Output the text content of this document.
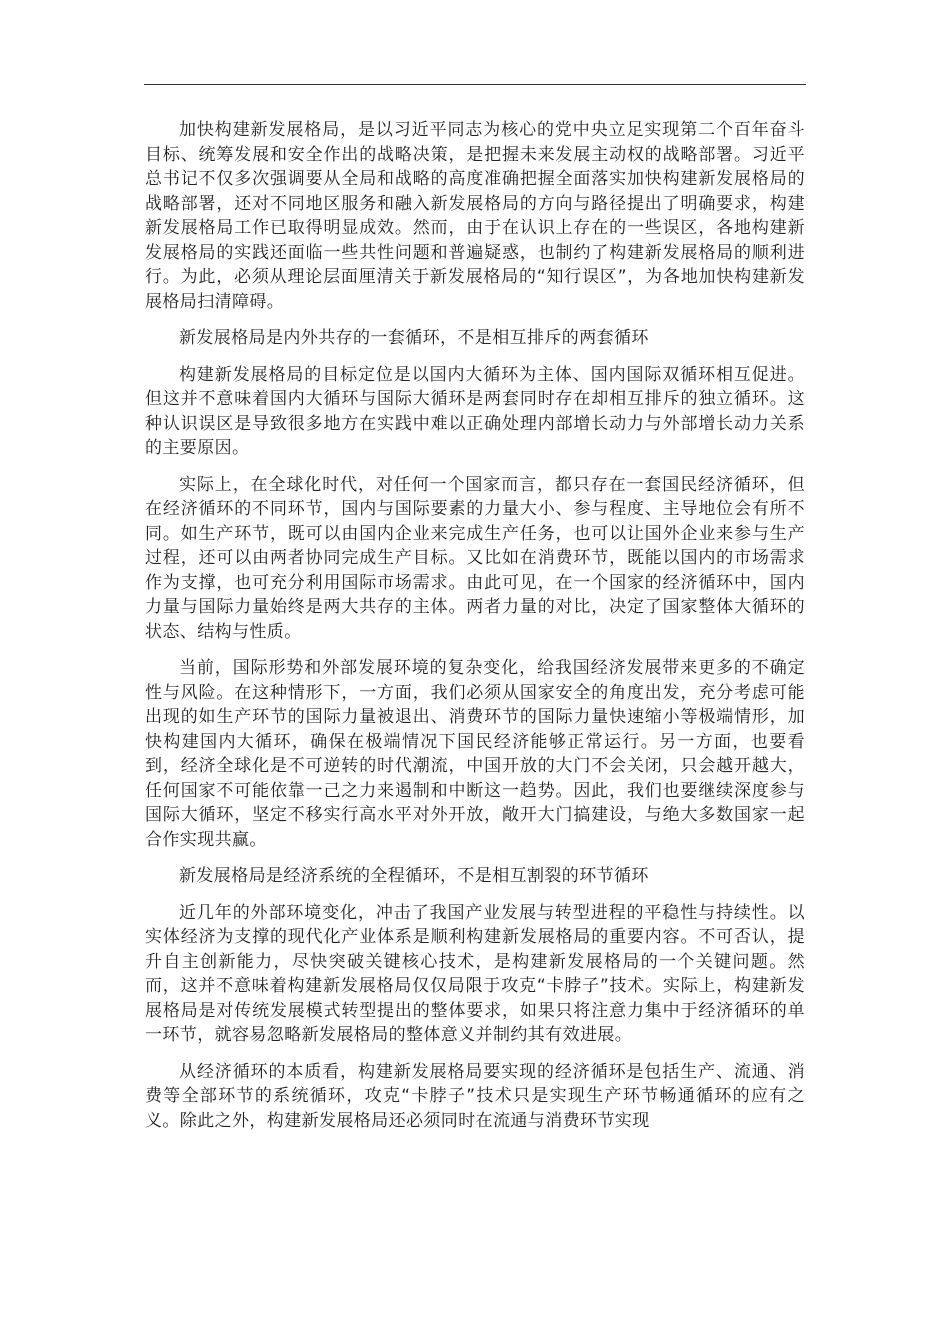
加快构建新发展格局，是以习近平同志为核心的党中央立足实现第二个百年奋斗目标、统筹发展和安全作出的战略决策，是把握未来发展主动权的战略部署。习近平总书记不仅多次强调要从全局和战略的高度准确把握全面落实加快构建新发展格局的战略部署，还对不同地区服务和融入新发展格局的方向与路径提出了明确要求，构建新发展格局工作已取得明显成效。然而，由于在认识上存在的一些误区，各地构建新发展格局的实践还面临一些共性问题和普遍疑惑，也制约了构建新发展格局的顺利进行。为此，必须从理论层面厘清关于新发展格局的“知行误区”，为各地加快构建新发展格局扫清障碍。

新发展格局是内外共存的一套循环，不是相互排斥的两套循环

构建新发展格局的目标定位是以国内大循环为主体、国内国际双循环相互促进。但这并不意味着国内大循环与国际大循环是两套同时存在却相互排斥的独立循环。这种认识误区是导致很多地方在实践中难以正确处理内部增长动力与外部增长动力关系的主要原因。

实际上，在全球化时代，对任何一个国家而言，都只存在一套国民经济循环，但在经济循环的不同环节，国内与国际要素的力量大小、参与程度、主导地位会有所不同。如生产环节，既可以由国内企业来完成生产任务，也可以让国外企业来参与生产过程，还可以由两者协同完成生产目标。又比如在消费环节，既能以国内的市场需求作为支撑，也可充分利用国际市场需求。由此可见，在一个国家的经济循环中，国内力量与国际力量始终是两大共存的主体。两者力量的对比，决定了国家整体大循环的状态、结构与性质。

当前，国际形势和外部发展环境的复杂变化，给我国经济发展带来更多的不确定性与风险。在这种情形下，一方面，我们必须从国家安全的角度出发，充分考虑可能出现的如生产环节的国际力量被退出、消费环节的国际力量快速缩小等极端情形，加快构建国内大循环，确保在极端情况下国民经济能够正常运行。另一方面，也要看到，经济全球化是不可逆转的时代潮流，中国开放的大门不会关闭，只会越开越大，任何国家不可能依靠一己之力来遏制和中断这一趋势。因此，我们也要继续深度参与国际大循环，坚定不移实行高水平对外开放，敞开大门搞建设，与绝大多数国家一起合作实现共赢。

新发展格局是经济系统的全程循环，不是相互割裂的环节循环

近几年的外部环境变化，冲击了我国产业发展与转型进程的平稳性与持续性。以实体经济为支撑的现代化产业体系是顺利构建新发展格局的重要内容。不可否认，提升自主创新能力，尽快突破关键核心技术，是构建新发展格局的一个关键问题。然而，这并不意味着构建新发展格局仅仅局限于攻克“卡脖子”技术。实际上，构建新发展格局是对传统发展模式转型提出的整体要求，如果只将注意力集中于经济循环的单一环节，就容易忽略新发展格局的整体意义并制约其有效进展。

从经济循环的本质看，构建新发展格局要实现的经济循环是包括生产、流通、消费等全部环节的系统循环，攻克“卡脖子”技术只是实现生产环节畅通循环的应有之义。除此之外，构建新发展格局还必须同时在流通与消费环节实现
